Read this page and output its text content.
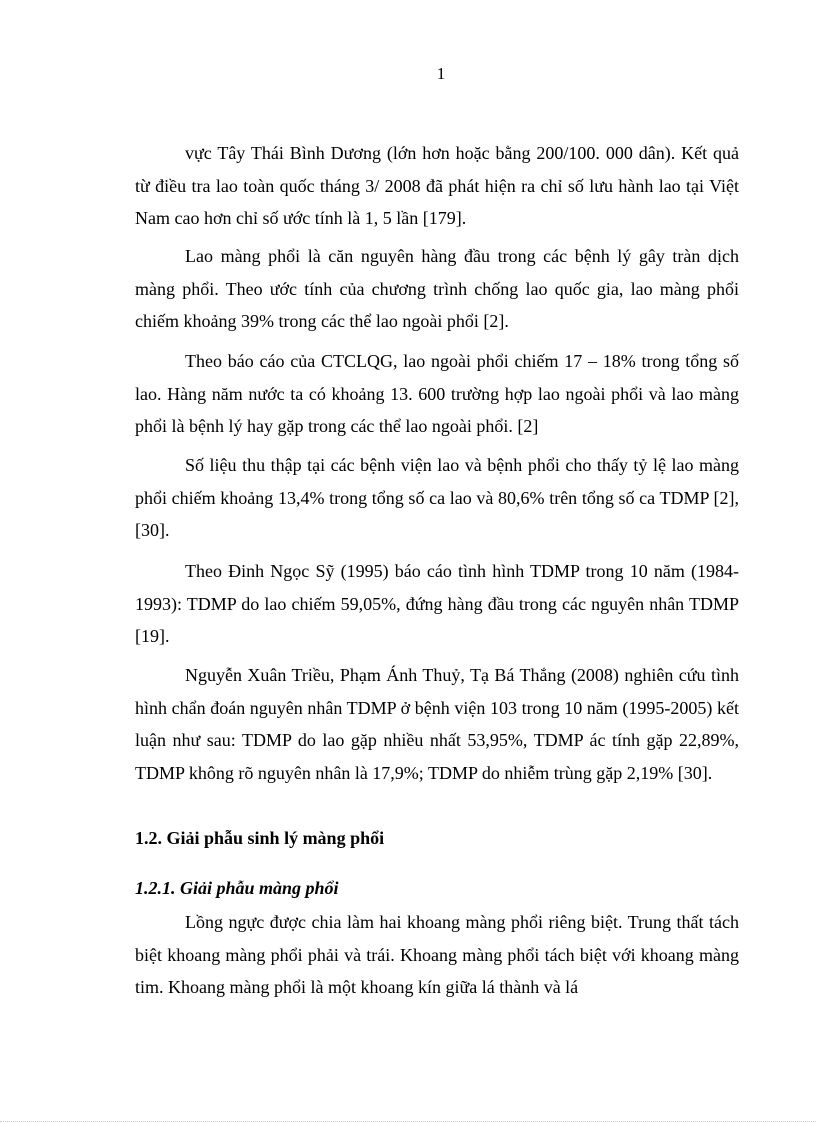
1

vực Tây Thái Bình Dương (lớn hơn hoặc bằng 200/100. 000 dân). Kết quả từ điều tra lao toàn quốc tháng 3/ 2008 đã phát hiện ra chỉ số lưu hành lao tại Việt Nam cao hơn chỉ số ước tính là 1, 5 lần [179].

Lao màng phổi là căn nguyên hàng đầu trong các bệnh lý gây tràn dịch màng phổi. Theo ước tính của chương trình chống lao quốc gia, lao màng phổi chiếm khoảng 39% trong các thể lao ngoài phổi [2].

Theo báo cáo của CTCLQG, lao ngoài phổi chiếm 17 – 18% trong tổng số lao. Hàng năm nước ta có khoảng 13. 600 trường hợp lao ngoài phổi và lao màng phổi là bệnh lý hay gặp trong các thể lao ngoài phổi. [2]

Số liệu thu thập tại các bệnh viện lao và bệnh phổi cho thấy tỷ lệ lao màng phổi chiếm khoảng 13,4% trong tổng số ca lao và 80,6% trên tổng số ca TDMP [2],[30].

Theo Đinh Ngọc Sỹ (1995) báo cáo tình hình TDMP trong 10 năm (1984-1993): TDMP do lao chiếm 59,05%, đứng hàng đầu trong các nguyên nhân TDMP [19].

Nguyễn Xuân Triều, Phạm Ánh Thuỷ, Tạ Bá Thắng (2008) nghiên cứu tình hình chẩn đoán nguyên nhân TDMP ở bệnh viện 103 trong 10 năm (1995-2005) kết luận như sau: TDMP do lao gặp nhiều nhất 53,95%, TDMP ác tính gặp 22,89%, TDMP không rõ nguyên nhân là 17,9%; TDMP do nhiễm trùng gặp 2,19% [30].

1.2. Giải phẫu sinh lý màng phổi
1.2.1. Giải phẫu màng phổi

Lồng ngực được chia làm hai khoang màng phổi riêng biệt. Trung thất tách biệt khoang màng phổi phải và trái. Khoang màng phổi tách biệt với khoang màng tim. Khoang màng phổi là một khoang kín giữa lá thành và lá
